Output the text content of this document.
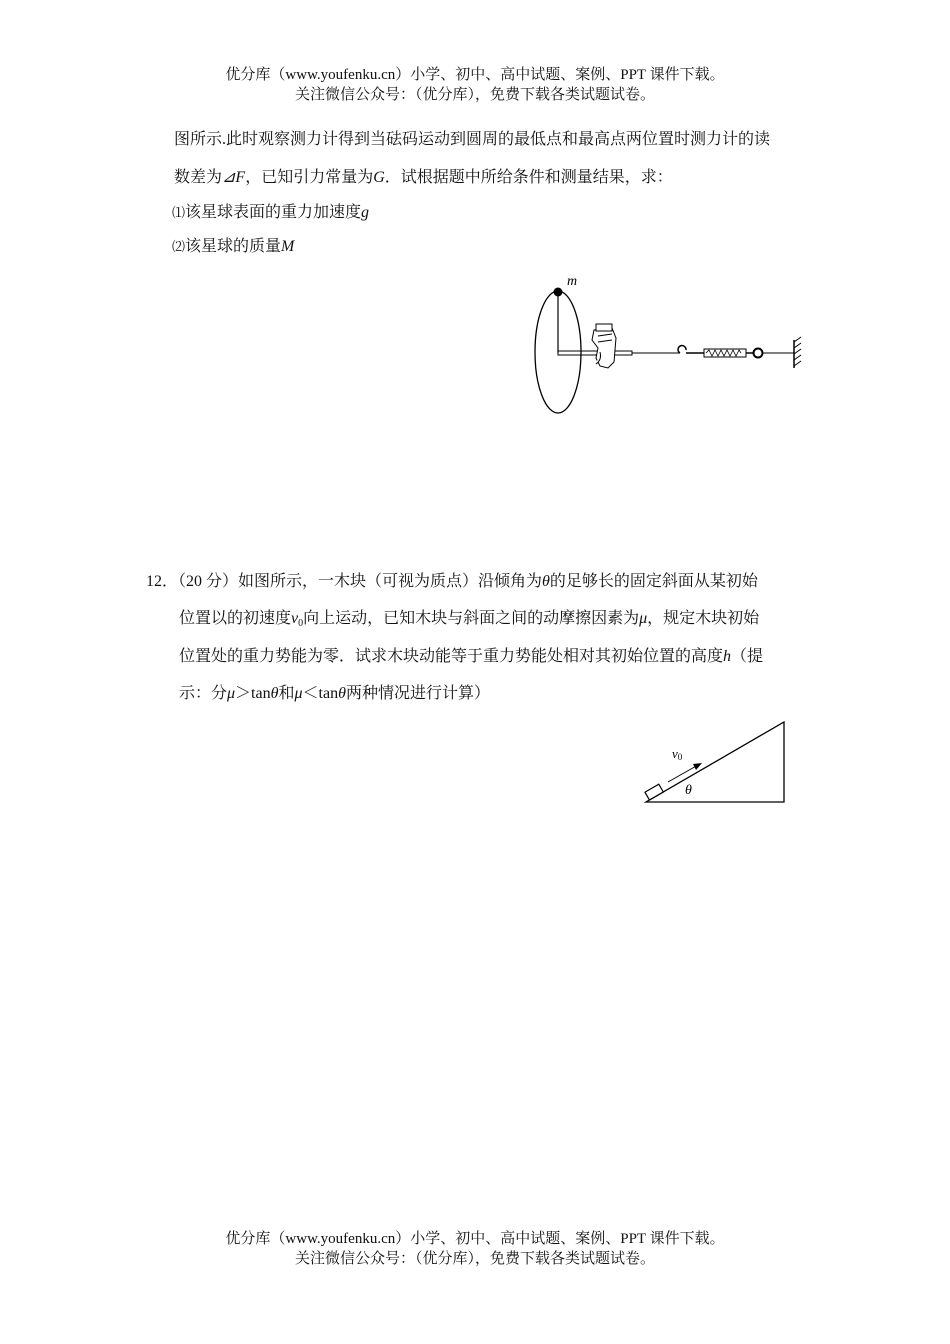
优分库（www.youfenku.cn）小学、初中、高中试题、案例、PPT 课件下载。
关注微信公众号：（优分库），免费下载各类试题试卷。
图所示.此时观察测力计得到当砝码运动到圆周的最低点和最高点两位置时测力计的读
数差为⊿F，已知引力常量为G．试根据题中所给条件和测量结果，求：
⑴该星球表面的重力加速度g
⑵该星球的质量M
m
12．（20 分）如图所示，一木块（可视为质点）沿倾角为θ的足够长的固定斜面从某初始
位置以的初速度$v_0$向上运动，已知木块与斜面之间的动摩擦因素为μ，规定木块初始
位置处的重力势能为零．试求木块动能等于重力势能处相对其初始位置的高度h（提
示：分μ＞tanθ和μ＜tanθ两种情况进行计算）
v0
θ
优分库（www.youfenku.cn）小学、初中、高中试题、案例、PPT 课件下载。
关注微信公众号：（优分库），免费下载各类试题试卷。
